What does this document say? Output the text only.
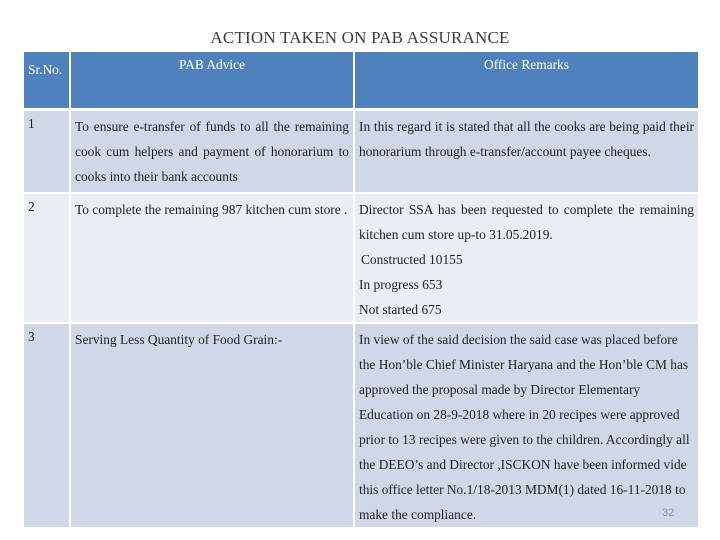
ACTION TAKEN ON PAB ASSURANCE
Sr.No.	PAB Advice	Office Remarks
1	To ensure e-transfer of funds to all the remaining cook cum helpers and payment of honorarium to cooks into their bank accounts	In this regard it is stated that all the cooks are being paid their honorarium through e-transfer/account payee cheques.
2	To complete the remaining 987 kitchen cum store .	Director SSA has been requested to complete the remaining kitchen cum store up-to 31.05.2019.
Constructed 10155
In progress 653
Not started 675

3	Serving Less Quantity of Food Grain:-	In view of the said decision the said case was placed before the Hon’ble Chief Minister Haryana and the Hon’ble CM has approved the proposal made by Director Elementary Education on 28-9-2018 where in 20 recipes were approved prior to 13 recipes were given to the children. Accordingly all the DEEO’s and Director ,ISCKON have been informed vide this office letter No.1/18-2013 MDM(1) dated 16-11-2018 to make the compliance.	32
